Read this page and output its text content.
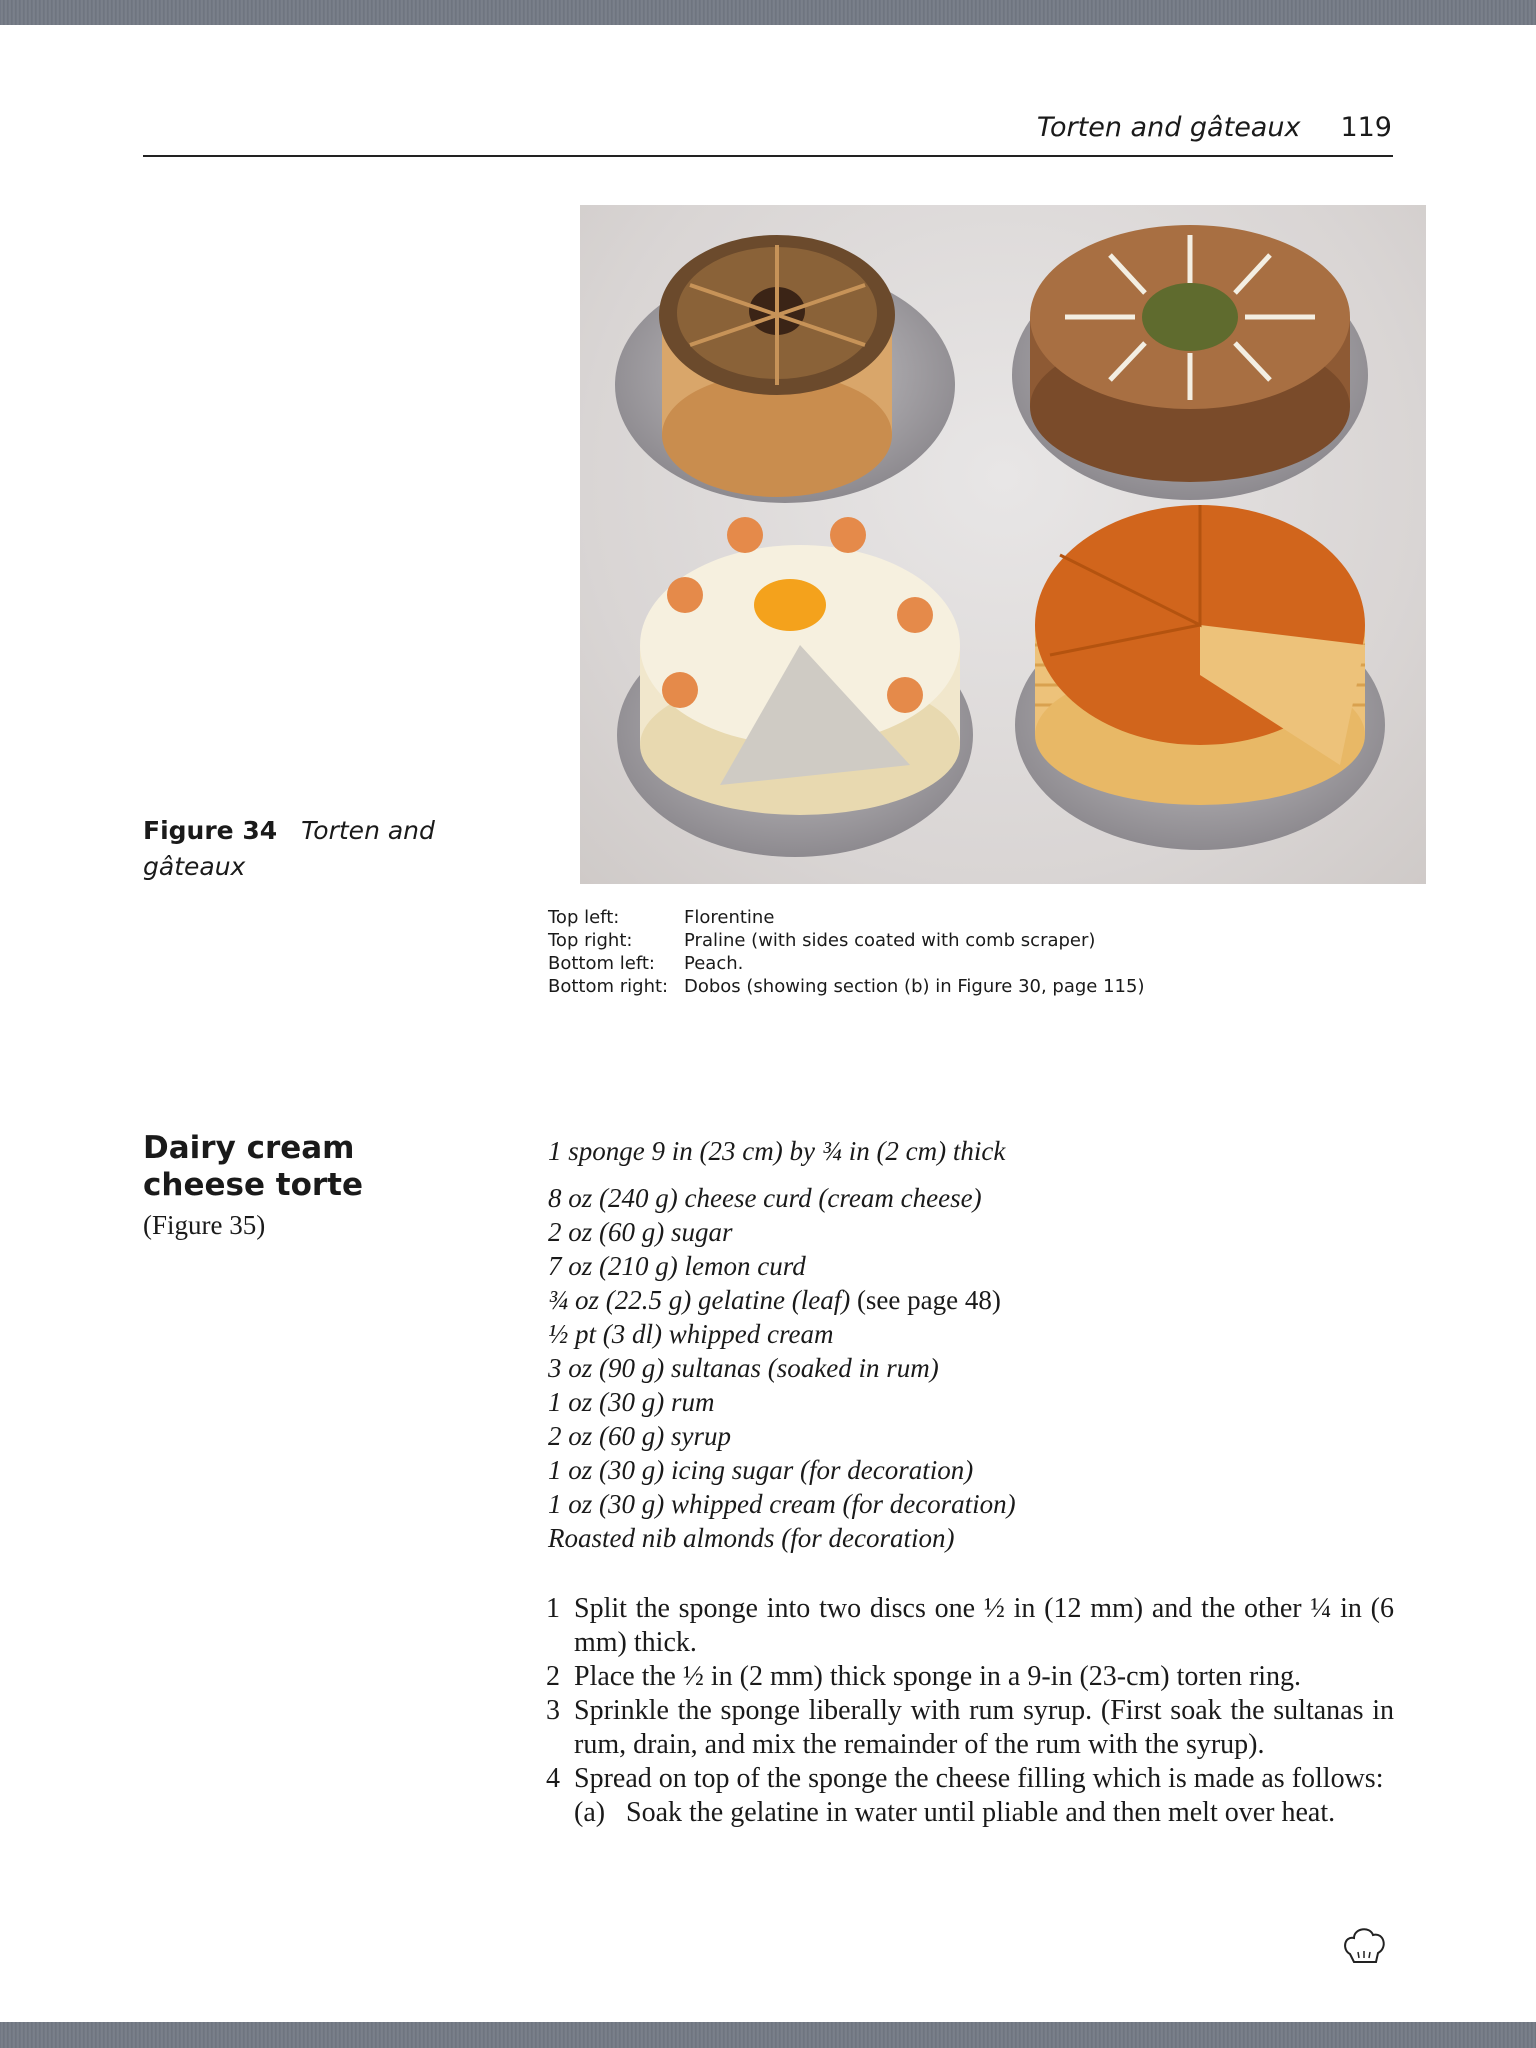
Torten and gâteaux 119
Figure 34 Torten and
gâteaux
Top left:	Florentine
Top right:	Praline (with sides coated with comb scraper)
Bottom left:	Peach.
Bottom right: Dobos (showing section (b) in Figure 30, page 115)
Dairy cream cheese torte
(Figure 35)
1 sponge 9 in (23 cm) by ¾ in (2 cm) thick
8 oz (240 g) cheese curd (cream cheese)
2 oz (60 g) sugar
7 oz (210 g) lemon curd
¾ oz (22.5 g) gelatine (leaf) (see page 48)
½ pt (3 dl) whipped cream
3 oz (90 g) sultanas (soaked in rum)
1 oz (30 g) rum
2 oz (60 g) syrup
1 oz (30 g) icing sugar (for decoration)
1 oz (30 g) whipped cream (for decoration)
Roasted nib almonds (for decoration)
1 Split the sponge into two discs one ½ in (12 mm) and the other ¼ in (6 mm) thick.
2 Place the ½ in (2 mm) thick sponge in a 9-in (23-cm) torten ring.
3 Sprinkle the sponge liberally with rum syrup. (First soak the sultanas in rum, drain, and mix the remainder of the rum with the syrup).
4 Spread on top of the sponge the cheese filling which is made as follows:
(a) Soak the gelatine in water until pliable and then melt over heat.
